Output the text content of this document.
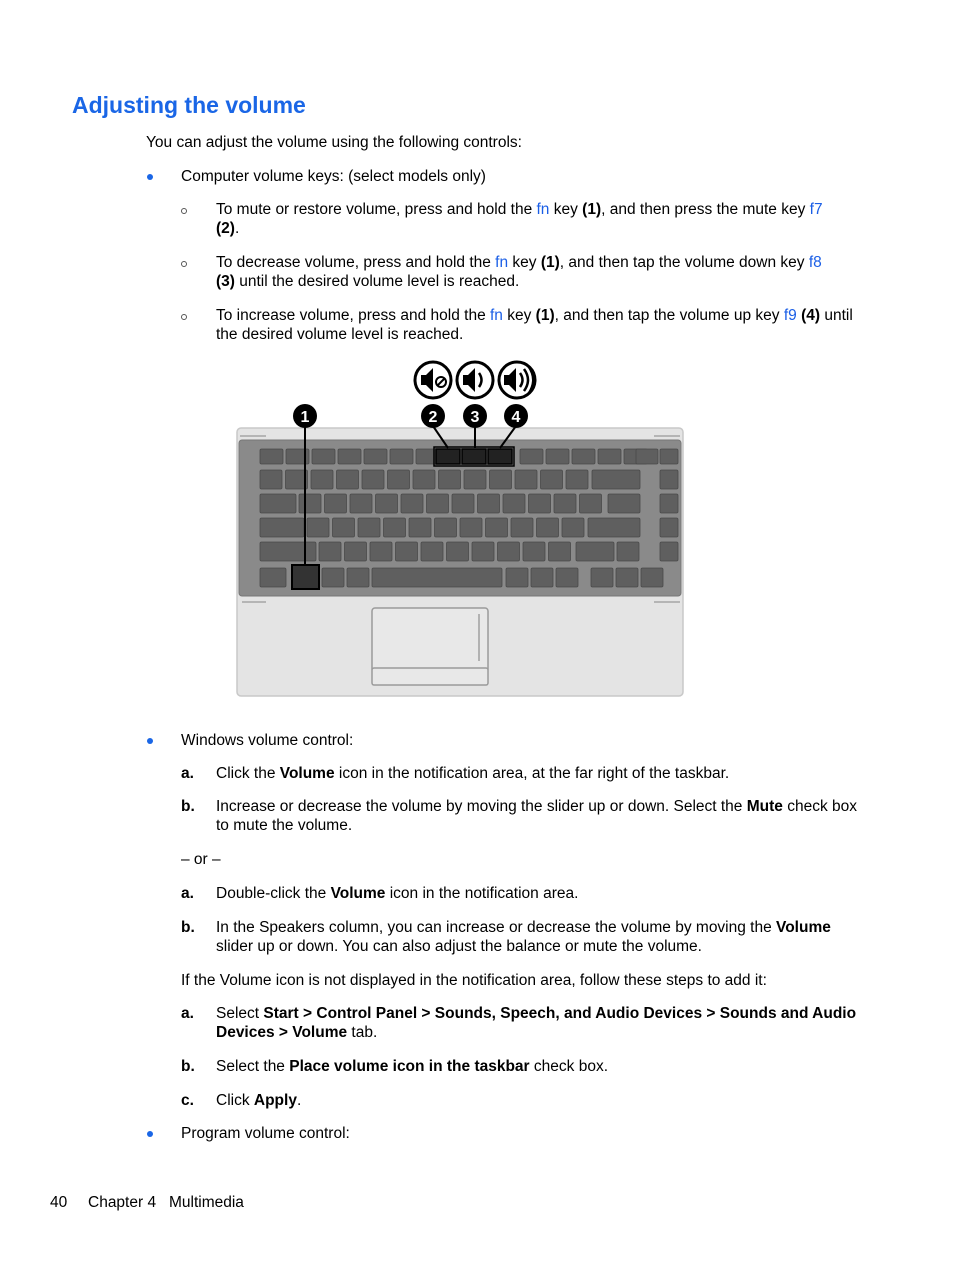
Adjusting the volume
You can adjust the volume using the following controls:
Computer volume keys: (select models only)
To mute or restore volume, press and hold the fn key (1), and then press the mute key f7
(2).
To decrease volume, press and hold the fn key (1), and then tap the volume down key f8
(3) until the desired volume level is reached.
To increase volume, press and hold the fn key (1), and then tap the volume up key f9 (4) until
the desired volume level is reached.
1	2 3 4
Windows volume control:
a. Click the Volume icon in the notification area, at the far right of the taskbar.
b. Increase or decrease the volume by moving the slider up or down. Select the Mute check box
to mute the volume.
– or –
a. Double-click the Volume icon in the notification area.
b. In the Speakers column, you can increase or decrease the volume by moving the Volume
slider up or down. You can also adjust the balance or mute the volume.
If the Volume icon is not displayed in the notification area, follow these steps to add it:
a. Select Start > Control Panel > Sounds, Speech, and Audio Devices > Sounds and Audio
Devices > Volume tab.
b. Select the Place volume icon in the taskbar check box.
c. Click Apply.
Program volume control:
40 Chapter 4   Multimedia
